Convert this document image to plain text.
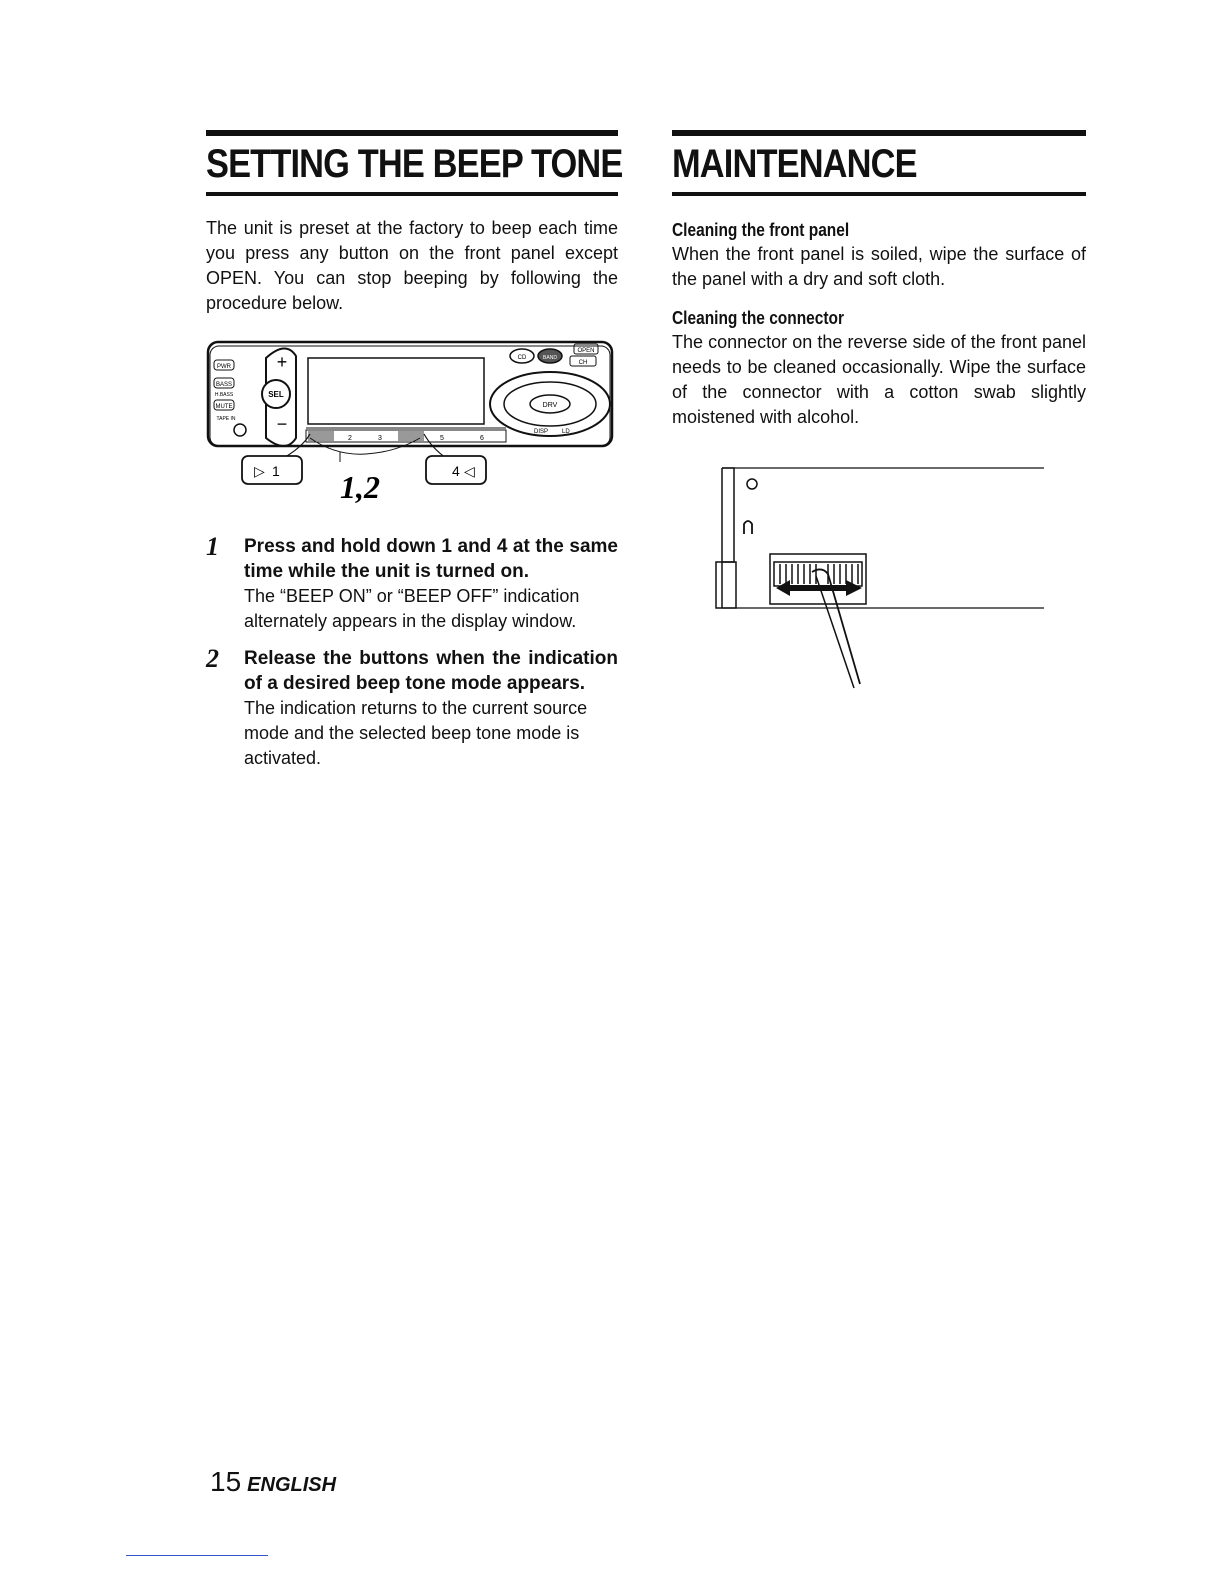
SETTING THE BEEP TONE

The unit is preset at the factory to beep each time you press any button on the front panel except OPEN. You can stop beeping by following the procedure below.

PWR
BASS
H.BASS
MUTE
TAPE IN
+
−
SEL
CD	BAND
OPEN
CH
DRV
DISP LD
2	3	5	6
▷ 1	4 ◁
1,2
1 Press and hold down 1 and 4 at the same time while the unit is turned on.

The “BEEP ON” or “BEEP OFF” indication alternately appears in the display window.

2 Release the buttons when the indication of a desired beep tone mode appears.

The indication returns to the current source mode and the selected beep tone mode is activated.

MAINTENANCE

Cleaning the front panel

When the front panel is soiled, wipe the surface of the panel with a dry and soft cloth.

Cleaning the connector

The connector on the reverse side of the front panel needs to be cleaned occasionally. Wipe the surface of the connector with a cotton swab slightly moistened with alcohol.

15 ENGLISH
